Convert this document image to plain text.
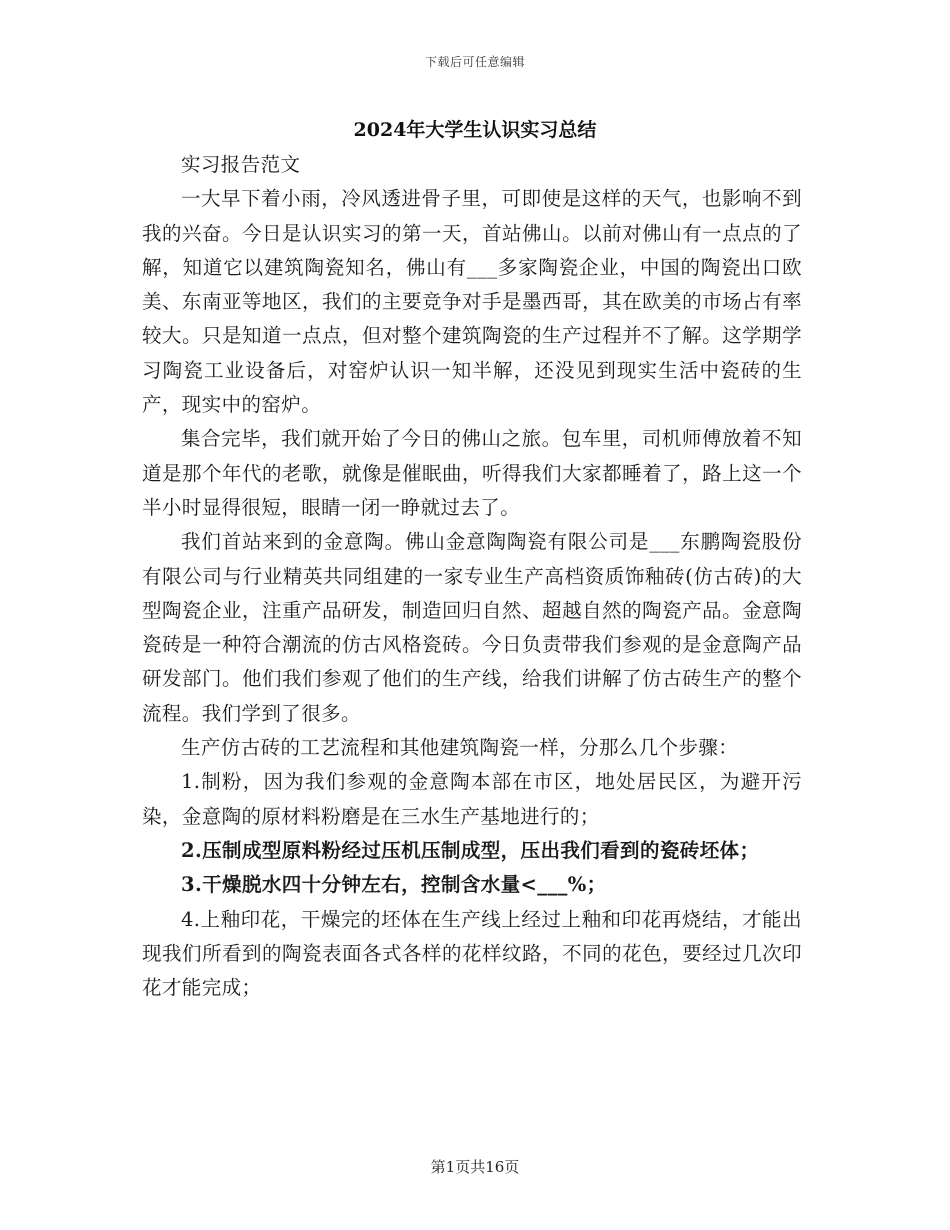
下载后可任意编辑
2024年大学生认识实习总结

实习报告范文

一大早下着小雨，冷风透进骨子里，可即使是这样的天气，也影响不到我的兴奋。今日是认识实习的第一天，首站佛山。以前对佛山有一点点的了解，知道它以建筑陶瓷知名，佛山有___多家陶瓷企业，中国的陶瓷出口欧美、东南亚等地区，我们的主要竞争对手是墨西哥，其在欧美的市场占有率较大。只是知道一点点，但对整个建筑陶瓷的生产过程并不了解。这学期学习陶瓷工业设备后，对窑炉认识一知半解，还没见到现实生活中瓷砖的生产，现实中的窑炉。

集合完毕，我们就开始了今日的佛山之旅。包车里，司机师傅放着不知道是那个年代的老歌，就像是催眠曲，听得我们大家都睡着了，路上这一个半小时显得很短，眼睛一闭一睁就过去了。

我们首站来到的金意陶。佛山金意陶陶瓷有限公司是___东鹏陶瓷股份有限公司与行业精英共同组建的一家专业生产高档资质饰釉砖(仿古砖)的大型陶瓷企业，注重产品研发，制造回归自然、超越自然的陶瓷产品。金意陶瓷砖是一种符合潮流的仿古风格瓷砖。今日负责带我们参观的是金意陶产品研发部门。他们我们参观了他们的生产线，给我们讲解了仿古砖生产的整个流程。我们学到了很多。

生产仿古砖的工艺流程和其他建筑陶瓷一样，分那么几个步骤：

1.制粉，因为我们参观的金意陶本部在市区，地处居民区，为避开污染，金意陶的原材料粉磨是在三水生产基地进行的；

2.压制成型原料粉经过压机压制成型，压出我们看到的瓷砖坯体；

3.干燥脱水四十分钟左右，控制含水量<___%；

4.上釉印花，干燥完的坯体在生产线上经过上釉和印花再烧结，才能出现我们所看到的陶瓷表面各式各样的花样纹路，不同的花色，要经过几次印花才能完成；

第1页共16页
